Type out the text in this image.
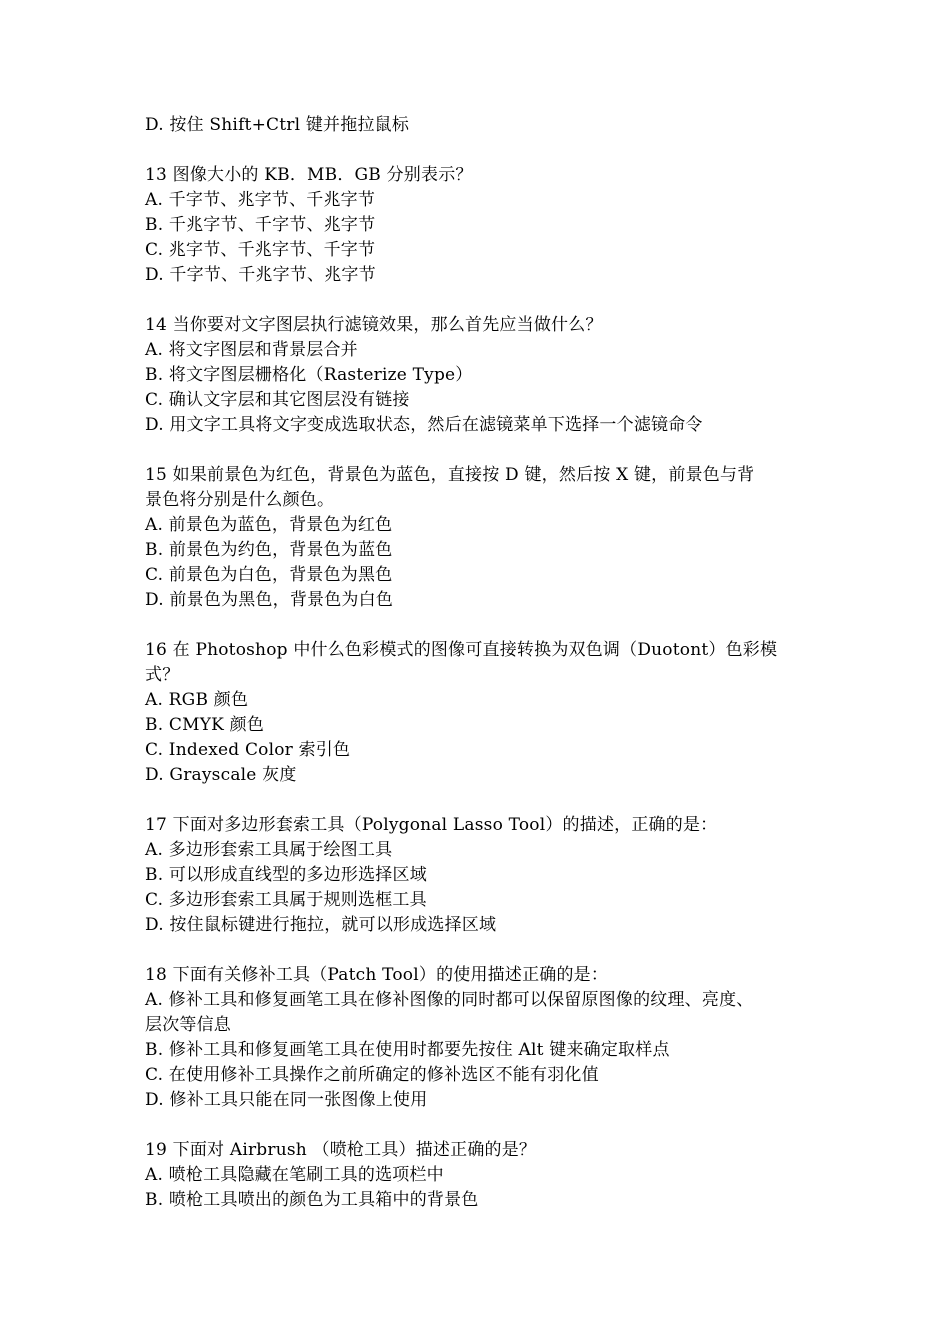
D. 按住 Shift+Ctrl 键并拖拉鼠标
13 图像大小的 KB．MB．GB 分别表示？
A. 千字节、兆字节、千兆字节
B. 千兆字节、千字节、兆字节
C. 兆字节、千兆字节、千字节
D. 千字节、千兆字节、兆字节
14 当你要对文字图层执行滤镜效果，那么首先应当做什么？
A. 将文字图层和背景层合并
B. 将文字图层栅格化（Rasterize Type）
C. 确认文字层和其它图层没有链接
D. 用文字工具将文字变成选取状态，然后在滤镜菜单下选择一个滤镜命令
15 如果前景色为红色，背景色为蓝色，直接按 D 键，然后按 X 键，前景色与背
景色将分别是什么颜色。
A. 前景色为蓝色，背景色为红色
B. 前景色为约色，背景色为蓝色
C. 前景色为白色，背景色为黑色
D. 前景色为黑色，背景色为白色
16 在 Photoshop 中什么色彩模式的图像可直接转换为双色调（Duotont）色彩模
式？
A. RGB 颜色
B. CMYK 颜色
C. Indexed Color 索引色
D. Grayscale 灰度
17 下面对多边形套索工具（Polygonal Lasso Tool）的描述，正确的是：
A. 多边形套索工具属于绘图工具
B. 可以形成直线型的多边形选择区域
C. 多边形套索工具属于规则选框工具
D. 按住鼠标键进行拖拉，就可以形成选择区域
18 下面有关修补工具（Patch Tool）的使用描述正确的是：
A. 修补工具和修复画笔工具在修补图像的同时都可以保留原图像的纹理、亮度、
层次等信息
B. 修补工具和修复画笔工具在使用时都要先按住 Alt 键来确定取样点
C. 在使用修补工具操作之前所确定的修补选区不能有羽化值
D. 修补工具只能在同一张图像上使用
19 下面对 Airbrush （喷枪工具）描述正确的是？
A. 喷枪工具隐藏在笔刷工具的选项栏中
B. 喷枪工具喷出的颜色为工具箱中的背景色
